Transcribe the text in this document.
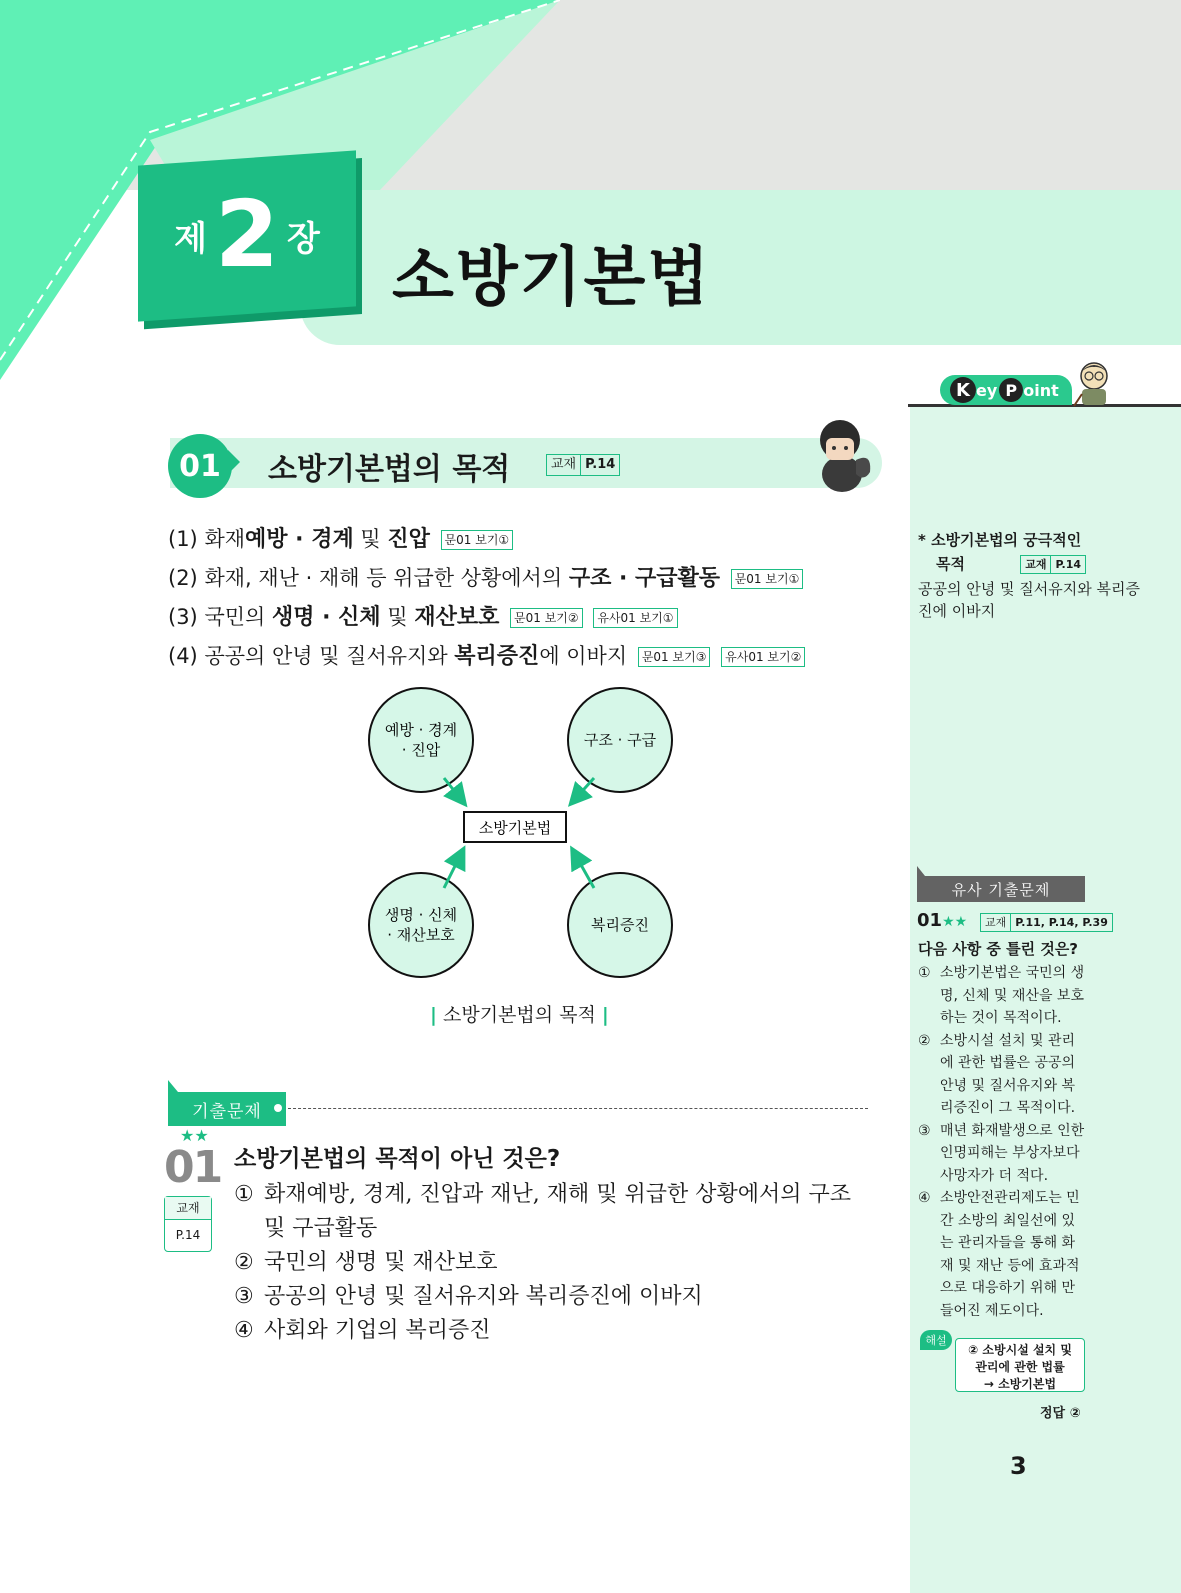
제 2 장
소방기본법
K ey P oint
* 소방기본법의 궁극적인
목적	교재 P.14
공공의 안녕 및 질서유지와 복리증진에 이바지
유사 기출문제
01★★	교재 P.11, P.14, P.39
다음 사항 중 틀린 것은?
① 소방기본법은 국민의 생명, 신체 및 재산을 보호하는 것이 목적이다.
② 소방시설 설치 및 관리에 관한 법률은 공공의 안녕 및 질서유지와 복리증진이 그 목적이다.
③ 매년 화재발생으로 인한 인명피해는 부상자보다 사망자가 더 적다.
④ 소방안전관리제도는 민간 소방의 최일선에 있는 관리자들을 통해 화재 및 재난 등에 효과적으로 대응하기 위해 만들어진 제도이다.
해설
② 소방시설 설치 및
관리에 관한 법률
→ 소방기본법
정답 ②
3
01	소방기본법의 목적	교재 P.14
(1) 화재예방 · 경계 및 진압 문01 보기①
(2) 화재, 재난 · 재해 등 위급한 상황에서의 구조 · 구급활동 문01 보기①
(3) 국민의 생명 · 신체 및 재산보호 문01 보기② 유사01 보기①
(4) 공공의 안녕 및 질서유지와 복리증진에 이바지 문01 보기③ 유사01 보기②
예방 · 경계
· 진압
구조 · 구급
생명 · 신체
· 재산보호
복리증진
소방기본법
| 소방기본법의 목적 |
기출문제
★★
01
교재
P.14
소방기본법의 목적이 아닌 것은?
① 화재예방, 경계, 진압과 재난, 재해 및 위급한 상황에서의 구조 및 구급활동
② 국민의 생명 및 재산보호
③ 공공의 안녕 및 질서유지와 복리증진에 이바지
④ 사회와 기업의 복리증진
